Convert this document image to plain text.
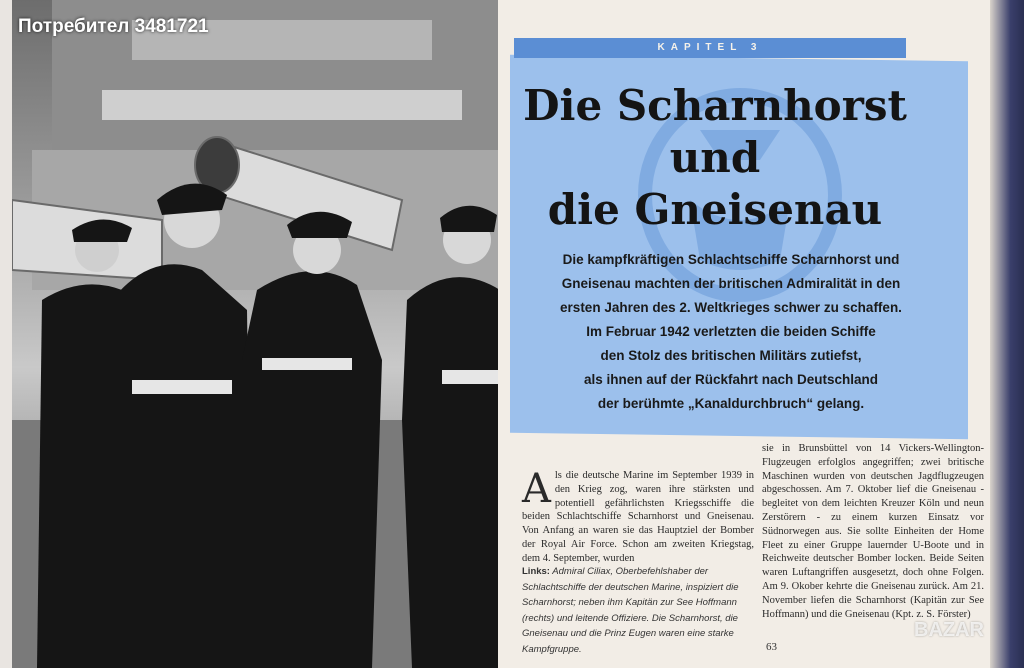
Потребител 3481721
KAPITEL 3
Die Scharnhorst
und
die Gneisenau
Die kampfkräftigen Schlachtschiffe Scharnhorst und
Gneisenau machten der britischen Admiralität in den
ersten Jahren des 2. Weltkrieges schwer zu schaffen.
Im Februar 1942 verletzten die beiden Schiffe
den Stolz des britischen Militärs zutiefst,
als ihnen auf der Rückfahrt nach Deutschland
der berühmte „Kanaldurchbruch“ gelang.
Als die deutsche Marine im September 1939 in den Krieg zog, waren ihre stärksten und potentiell gefährlichsten Kriegsschiffe die beiden Schlachtschiffe Scharnhorst und Gneisenau. Von Anfang an waren sie das Hauptziel der Bomber der Royal Air Force. Schon am zweiten Kriegstag, dem 4. September, wurden
Links: Admiral Ciliax, Oberbefehlshaber der Schlachtschiffe der deutschen Marine, inspiziert die Scharnhorst; neben ihm Kapitän zur See Hoffmann (rechts) und leitende Offiziere. Die Scharnhorst, die Gneisenau und die Prinz Eugen waren eine starke Kampfgruppe.
sie in Brunsbüttel von 14 Vickers-Wellington-Flugzeugen erfolglos angegriffen; zwei britische Maschinen wurden von deutschen Jagdflugzeugen abgeschossen. Am 7. Oktober lief die Gneisenau - begleitet von dem leichten Kreuzer Köln und neun Zerstörern - zu einem kurzen Einsatz vor Südnorwegen aus. Sie sollte Einheiten der Home Fleet zu einer Gruppe lauernder U-Boote und in Reichweite deutscher Bomber locken. Beide Seiten waren Luftangriffen ausgesetzt, doch ohne Folgen. Am 9. Okober kehrte die Gneisenau zurück. Am 21. November liefen die Scharnhorst (Kapitän zur See Hoffmann) und die Gneisenau (Kpt. z. S. Förster)
63
BAZAR
